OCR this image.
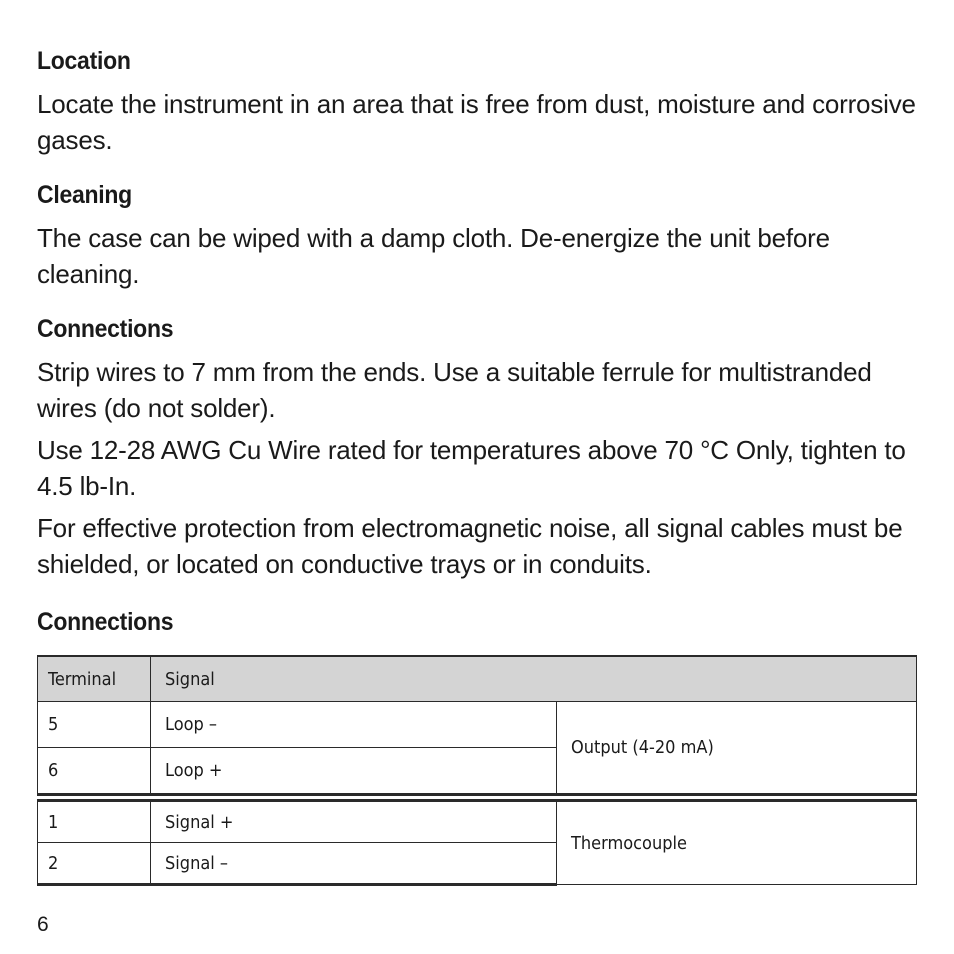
Location
Locate the instrument in an area that is free from dust, moisture and corrosive gases.
Cleaning
The case can be wiped with a damp cloth. De-energize the unit before cleaning.
Connections
Strip wires to 7 mm from the ends. Use a suitable ferrule for multistranded wires (do not solder).
Use 12-28 AWG Cu Wire rated for temperatures above 70 °C Only, tighten to 4.5 lb-In.
For effective protection from electromagnetic noise, all signal cables must be shielded, or located on conductive trays or in conduits.
Connections
Terminal	Signal	
5	Loop –	Output (4-20 mA)
6	Loop +	

1	Signal +	Thermocouple
2	Signal –	
6
